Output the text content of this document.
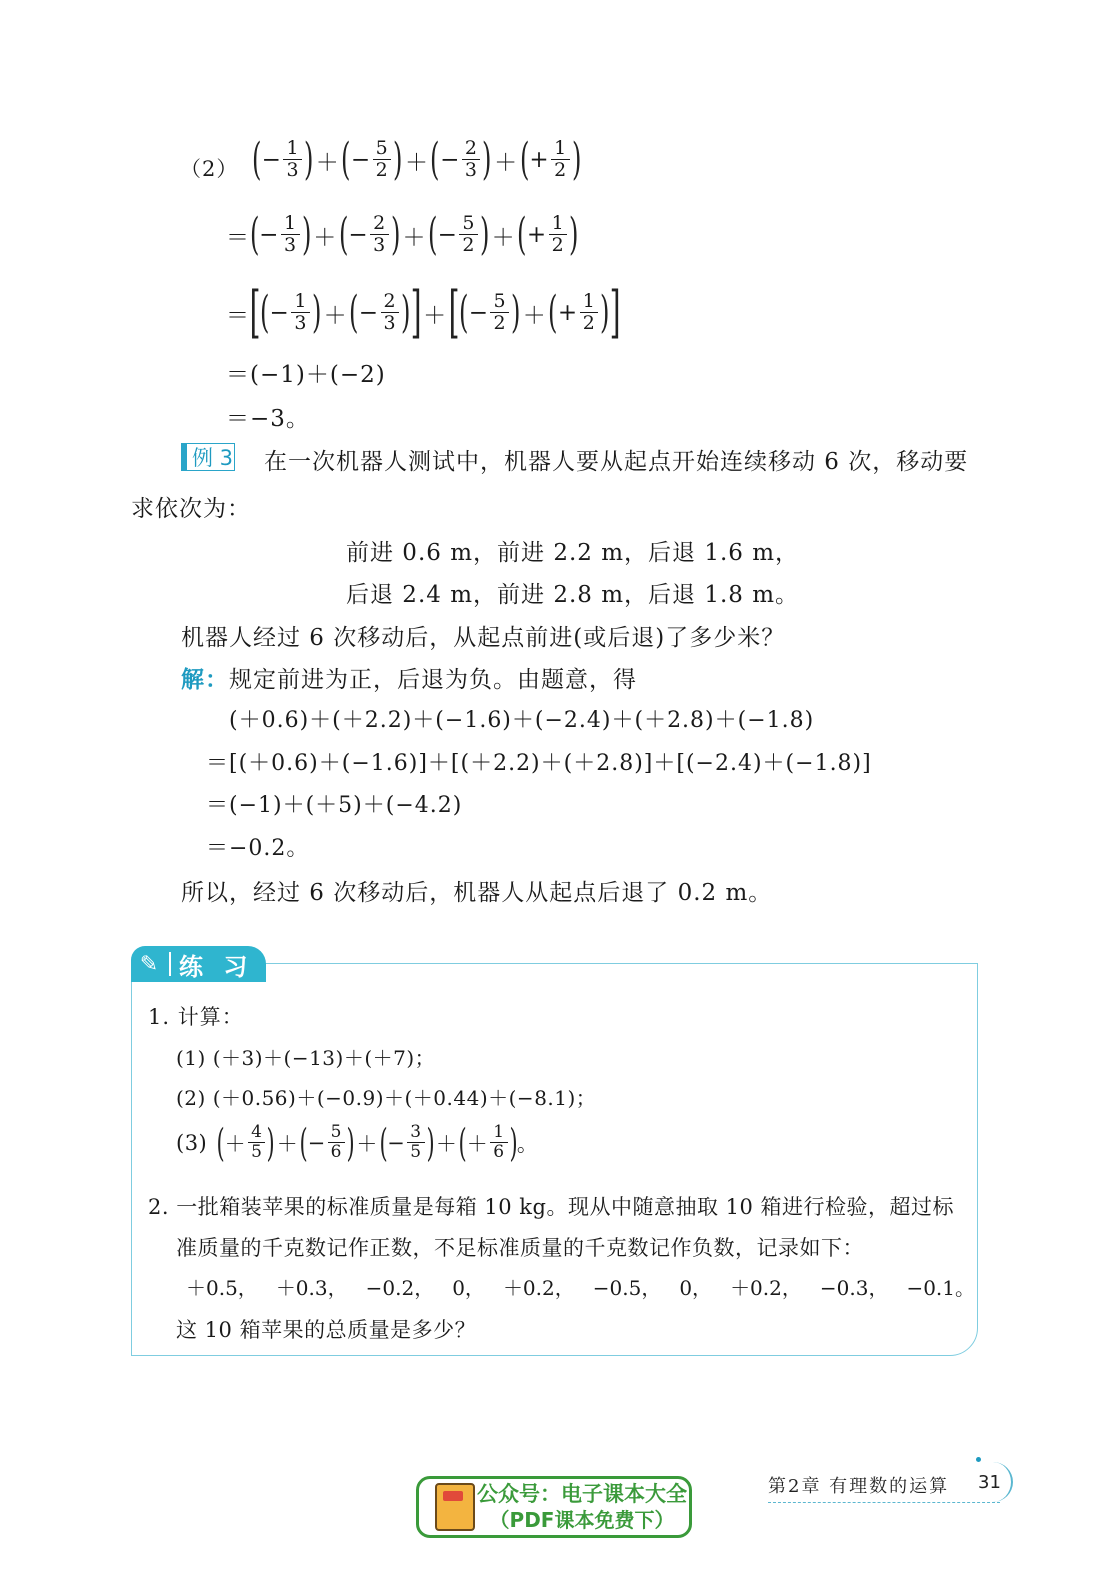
（2） ( − $\frac{1}{3}$ ) ＋ ( − $\frac{5}{2}$ ) ＋ ( − $\frac{2}{3}$ ) ＋ ( + $\frac{1}{2}$ )
＝ ( − $\frac{1}{3}$ ) ＋ ( − $\frac{2}{3}$ ) ＋ ( − $\frac{5}{2}$ ) ＋ ( + $\frac{1}{2}$ )
＝ [ ( − $\frac{1}{3}$ ) ＋ ( − $\frac{2}{3}$ ) ] ＋ [ ( − $\frac{5}{2}$ ) ＋ ( + $\frac{1}{2}$ ) ]
＝(−1)＋(−2)
＝−3。
例 3 在一次机器人测试中，机器人要从起点开始连续移动 6 次，移动要
求依次为：
前进 0.6 m，前进 2.2 m，后退 1.6 m，
后退 2.4 m，前进 2.8 m，后退 1.8 m。
机器人经过 6 次移动后，从起点前进(或后退)了多少米？
解：规定前进为正，后退为负。由题意，得
(＋0.6)＋(＋2.2)＋(−1.6)＋(−2.4)＋(＋2.8)＋(−1.8)
＝[(＋0.6)＋(−1.6)]＋[(＋2.2)＋(＋2.8)]＋[(−2.4)＋(−1.8)]
＝(−1)＋(＋5)＋(−4.2)
＝−0.2。
所以，经过 6 次移动后，机器人从起点后退了 0.2 m。
✎ 练 习
1. 计算：
(1) (＋3)＋(−13)＋(＋7)；
(2) (＋0.56)＋(−0.9)＋(＋0.44)＋(−8.1)；
(3) ( ＋ $\frac{4}{5}$ ) ＋ ( − $\frac{5}{6}$ ) ＋ ( − $\frac{3}{5}$ ) ＋ ( ＋ $\frac{1}{6}$ ) 。
2. 一批箱装苹果的标准质量是每箱 10 kg。现从中随意抽取 10 箱进行检验，超过标
准质量的千克数记作正数，不足标准质量的千克数记作负数，记录如下：
＋0.5， ＋0.3， −0.2， 0， ＋0.2， −0.5， 0， ＋0.2， −0.3， −0.1。
这 10 箱苹果的总质量是多少？
第2章 有理数的运算 31
公众号：电子课本大全
（PDF课本免费下）
